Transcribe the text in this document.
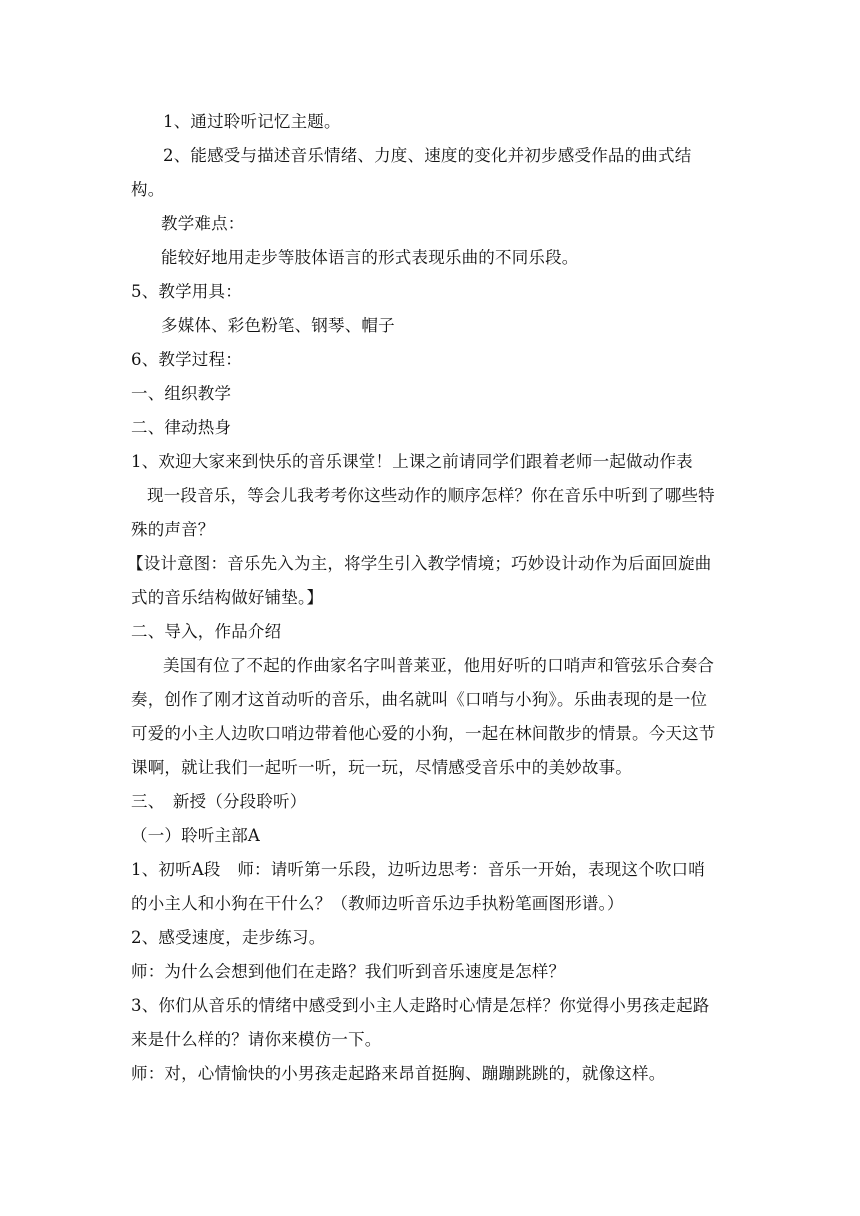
1、通过聆听记忆主题。
2、能感受与描述音乐情绪、力度、速度的变化并初步感受作品的曲式结
构。
教学难点：
能较好地用走步等肢体语言的形式表现乐曲的不同乐段。
5、教学用具：
多媒体、彩色粉笔、钢琴、帽子
6、教学过程：
一、组织教学
二、律动热身
1、欢迎大家来到快乐的音乐课堂！上课之前请同学们跟着老师一起做动作表
现一段音乐，等会儿我考考你这些动作的顺序怎样？你在音乐中听到了哪些特
殊的声音？
【设计意图：音乐先入为主，将学生引入教学情境；巧妙设计动作为后面回旋曲
式的音乐结构做好铺垫。】
二、导入，作品介绍
美国有位了不起的作曲家名字叫普莱亚，他用好听的口哨声和管弦乐合奏合
奏，创作了刚才这首动听的音乐，曲名就叫《口哨与小狗》。乐曲表现的是一位
可爱的小主人边吹口哨边带着他心爱的小狗，一起在林间散步的情景。今天这节
课啊，就让我们一起听一听，玩一玩，尽情感受音乐中的美妙故事。
三、　新授（分段聆听）
（一）聆听主部A
1、初听A段　师：请听第一乐段，边听边思考：音乐一开始，表现这个吹口哨
的小主人和小狗在干什么？（教师边听音乐边手执粉笔画图形谱。）
2、感受速度，走步练习。
师：为什么会想到他们在走路？我们听到音乐速度是怎样？
3、你们从音乐的情绪中感受到小主人走路时心情是怎样？你觉得小男孩走起路
来是什么样的？请你来模仿一下。
师：对，心情愉快的小男孩走起路来昂首挺胸、蹦蹦跳跳的，就像这样。
